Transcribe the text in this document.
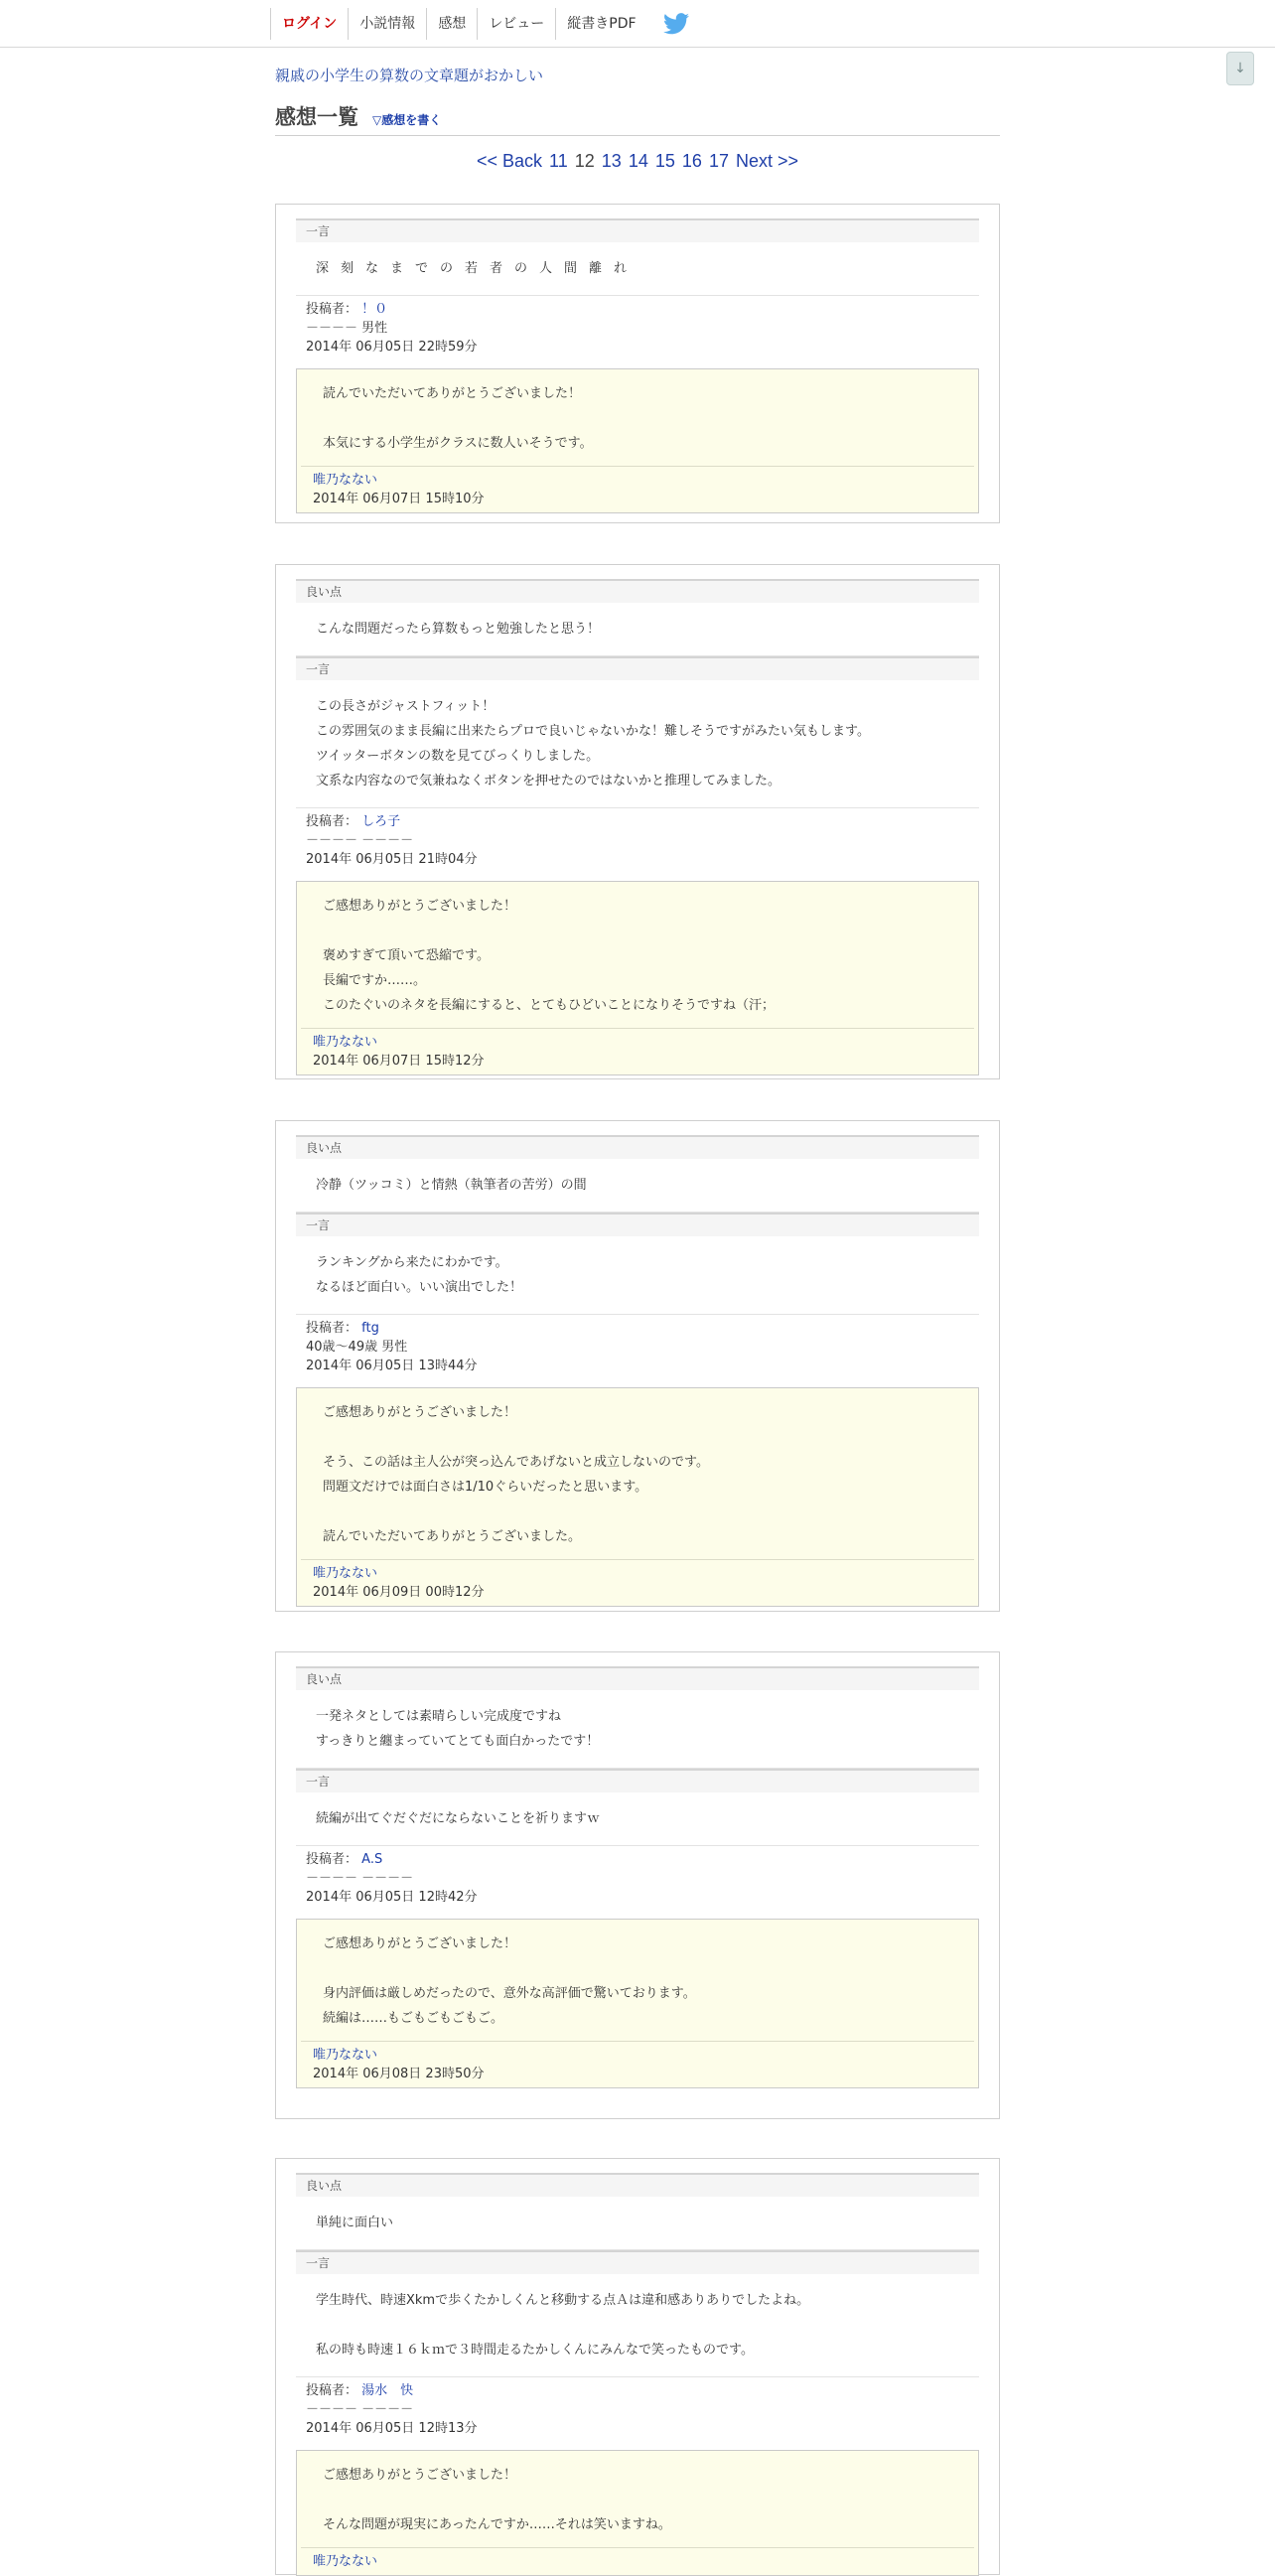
ログイン	小説情報	感想	レビュー	縦書きPDF
↓
親戚の小学生の算数の文章題がおかしい
感想一覧 ▽感想を書く
<< Back 11 12 13 14 15 16 17 Next >>
一言
深刻なまでの若者の人間離れ
投稿者： ！０
－－－－ 男性
2014年 06月05日 22時59分
読んでいただいてありがとうございました！

本気にする小学生がクラスに数人いそうです。
唯乃なない
2014年 06月07日 15時10分
良い点
こんな問題だったら算数もっと勉強したと思う！
一言
この長さがジャストフィット！
この雰囲気のまま長編に出来たらプロで良いじゃないかな！難しそうですがみたい気もします。
ツイッターボタンの数を見てびっくりしました。
文系な内容なので気兼ねなくボタンを押せたのではないかと推理してみました。
投稿者： しろ子
－－－－ －－－－
2014年 06月05日 21時04分
ご感想ありがとうございました！

褒めすぎて頂いて恐縮です。
長編ですか……。
このたぐいのネタを長編にすると、とてもひどいことになりそうですね（汗；
唯乃なない
2014年 06月07日 15時12分
良い点
冷静（ツッコミ）と情熱（執筆者の苦労）の間
一言
ランキングから来たにわかです。
なるほど面白い。いい演出でした！
投稿者： ftg
40歳～49歳 男性
2014年 06月05日 13時44分
ご感想ありがとうございました！

そう、この話は主人公が突っ込んであげないと成立しないのです。
問題文だけでは面白さは1/10ぐらいだったと思います。

読んでいただいてありがとうございました。
唯乃なない
2014年 06月09日 00時12分
良い点
一発ネタとしては素晴らしい完成度ですね
すっきりと纏まっていてとても面白かったです！

一言
続編が出てぐだぐだにならないことを祈りますｗ
投稿者： A.S
－－－－ －－－－
2014年 06月05日 12時42分
ご感想ありがとうございました！

身内評価は厳しめだったので、意外な高評価で驚いております。
続編は……もごもごもごもご。
唯乃なない
2014年 06月08日 23時50分
良い点
単純に面白い
一言
学生時代、時速Xkmで歩くたかしくんと移動する点Ａは違和感ありありでしたよね。

私の時も時速１６ｋｍで３時間走るたかしくんにみんなで笑ったものです。
投稿者： 湯水　快
－－－－ －－－－
2014年 06月05日 12時13分
ご感想ありがとうございました！

そんな問題が現実にあったんですか……それは笑いますね。
唯乃なない
